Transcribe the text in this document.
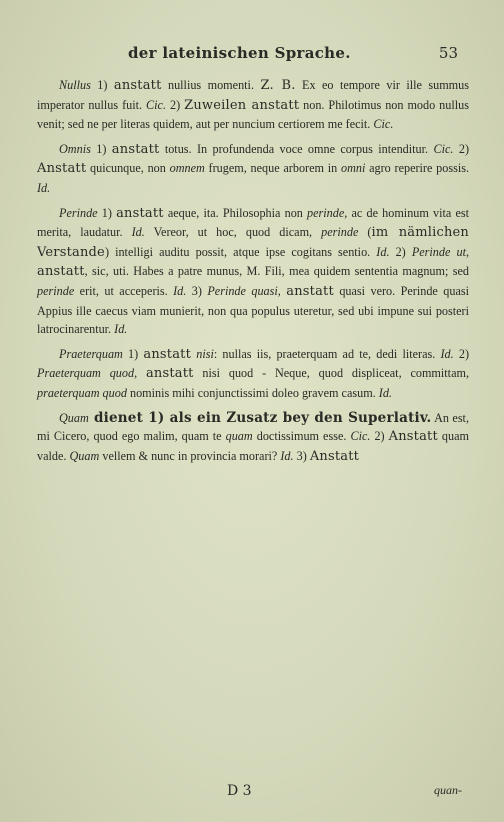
der lateinischen Sprache.	53

Nullus 1) anstatt nullius momenti. Z. B. Ex eo tempore vir ille summus imperator nullus fuit. Cic. 2) Zuweilen anstatt non. Philotimus non modo nullus venit; sed ne per literas quidem, aut per nuncium certiorem me fecit. Cic.

Omnis 1) anstatt totus. In profundenda voce omne corpus intenditur. Cic. 2) Anstatt quicunque, non omnem frugem, neque arborem in omni agro reperire possis. Id.

Perinde 1) anstatt aeque, ita. Philosophia non perinde, ac de hominum vita est merita, laudatur. Id. Vereor, ut hoc, quod dicam, perinde (im nämlichen Verstande) intelligi auditu possit, atque ipse cogitans sentio. Id. 2) Perinde ut, anstatt, sic, uti. Habes a patre munus, M. Fili, mea quidem sententia magnum; sed perinde erit, ut acceperis. Id. 3) Perinde quasi, anstatt quasi vero. Perinde quasi Appius ille caecus viam munierit, non qua populus uteretur, sed ubi impune sui posteri latrocinarentur. Id.

Praeterquam 1) anstatt nisi: nullas iis, praeterquam ad te, dedi literas. Id. 2) Praeterquam quod, anstatt nisi quod - Neque, quod displiceat, committam, praeterquam quod nominis mihi conjunctissimi doleo gravem casum. Id.

Quam dienet 1) als ein Zusatz bey den Superlativ. An est, mi Cicero, quod ego malim, quam te quam doctissimum esse. Cic. 2) Anstatt quam valde. Quam vellem & nunc in provincia morari? Id. 3) Anstatt

D 3	quan-
